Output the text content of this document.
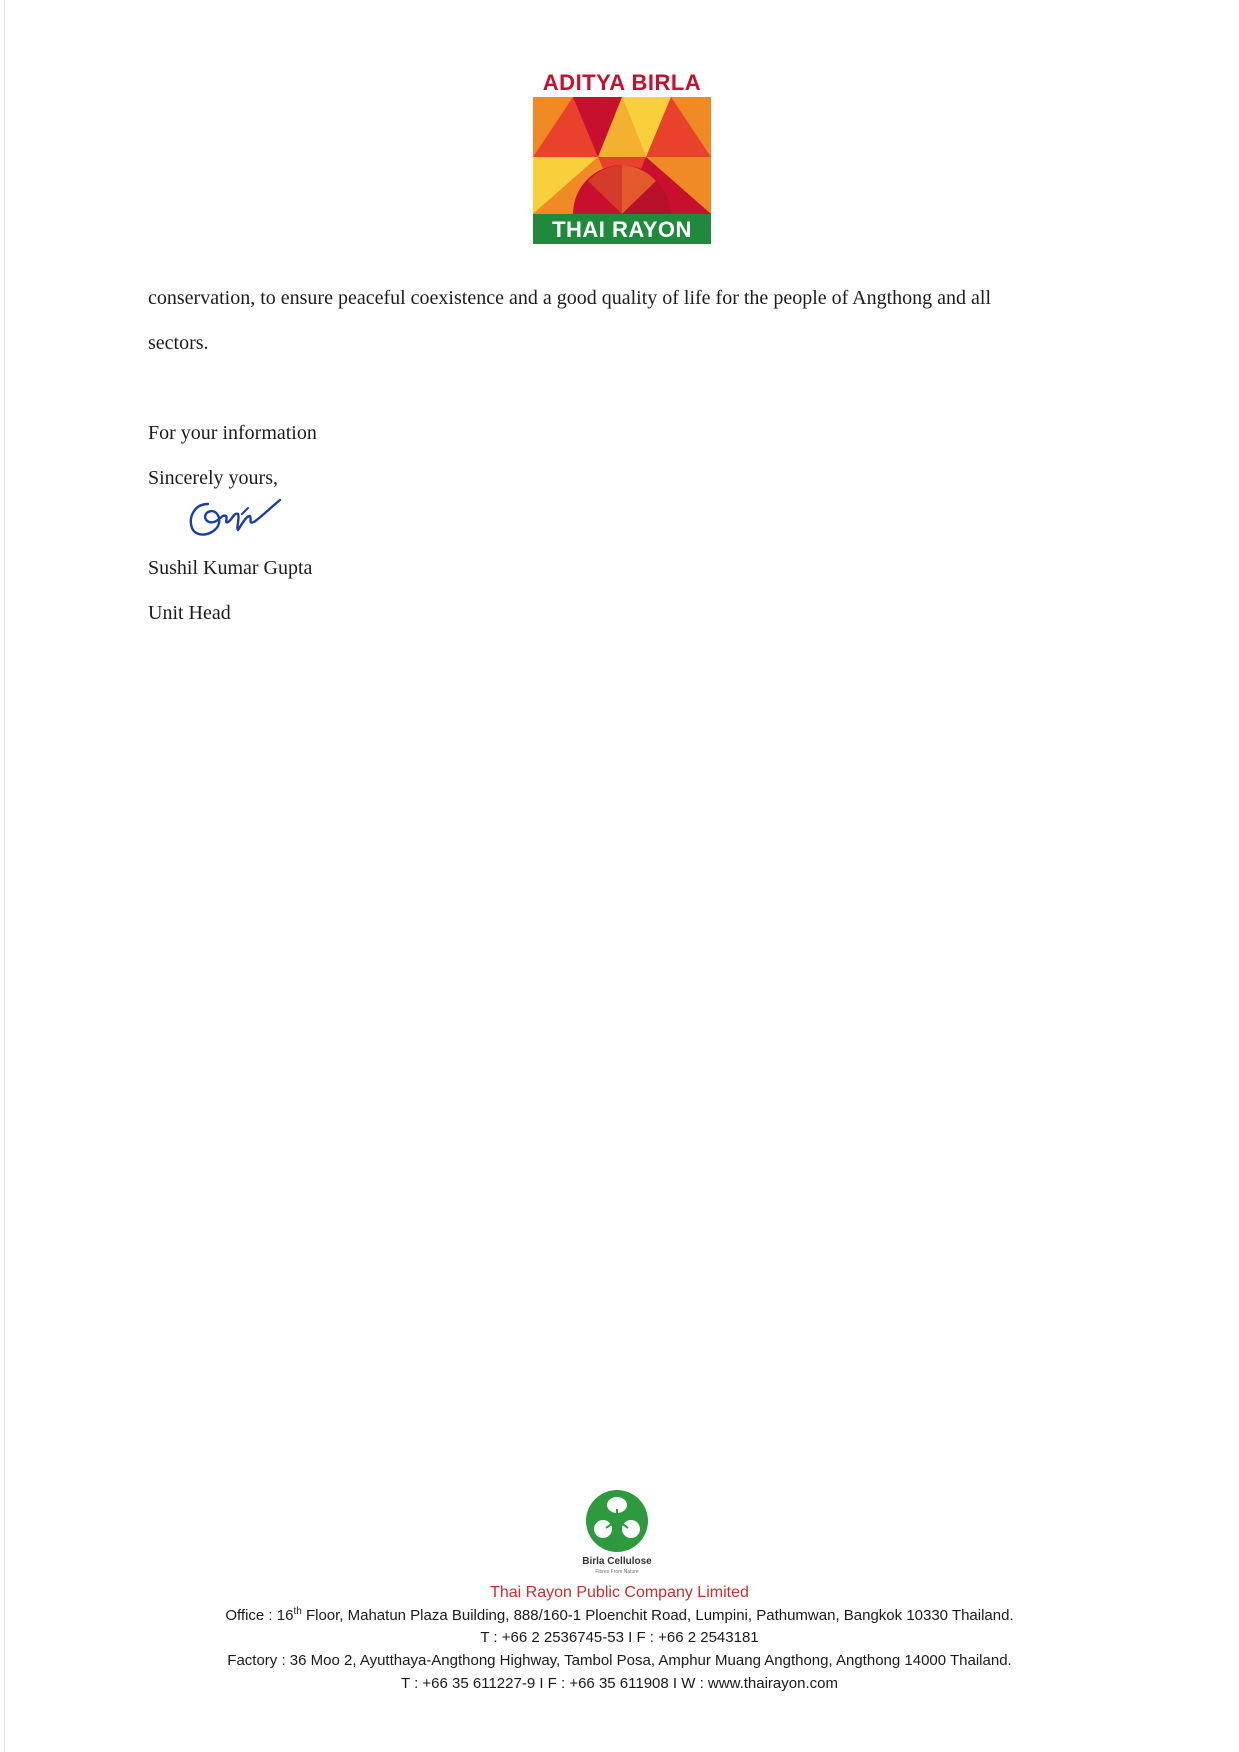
ADITYA BIRLA
THAI RAYON
conservation, to ensure peaceful coexistence and a good quality of life for the people of Angthong and all
sectors.
For your information
Sincerely yours,
Sushil Kumar Gupta
Unit Head
Birla Cellulose
Fibres From Nature
Thai Rayon Public Company Limited
Office : 16th Floor, Mahatun Plaza Building, 888/160-1 Ploenchit Road, Lumpini, Pathumwan, Bangkok 10330 Thailand.
T : +66 2 2536745-53 I F : +66 2 2543181
Factory : 36 Moo 2, Ayutthaya-Angthong Highway, Tambol Posa, Amphur Muang Angthong, Angthong 14000 Thailand.
T : +66 35 611227-9 I F : +66 35 611908 I W : www.thairayon.com
